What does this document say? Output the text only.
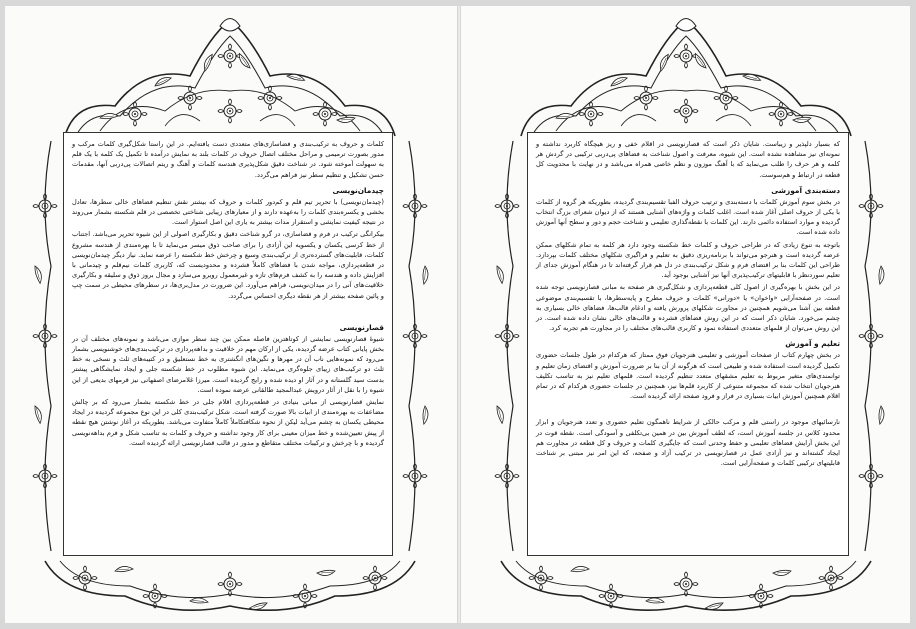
کلمات و حروف به ترکیب‌بندی و فضاسازی‌های متعددی دست یافته‌ایم. در این راستا شکل‌گیری کلمات مرکب و مدور بصورت ترمیمی و مراحل مختلف اتصال حروف در کلمات بلند به نمایش درآمده تا تکمیل یک کلمه با یک قلم به سهولت آموخته شود. در شناخت دقیق شکل‌پذیری هندسه کلمات و آهنگ و ریتم اتصالات پی‌دربی آنها، مقدمات حسن تشکیل و تنظیم سطر نیز فراهم می‌گردد.

چیدمان‌نویسی

(چیدمان‌نویسی) با تحریر تیم قلم و کم‌دور کلمات و حروف که بیشتر نقش تنظیم فضاهای خالی سطرها، تعادل بخشی و یکسره‌بندی کلمات را به‌عهده دارند و از معیارهای زیبایی شناختی تخصصی در قلم شکسته بشمار می‌روند در نتیجه کیفیت نمایشی و استقرار مدات بیشتر به یاری این اصل استوار است.

بیکرانگی ترکیب در فرم و فضاسازی، در گرو شناخت دقیق و بکارگیری اصولی از این شیوه تحریر می‌باشد. اجتناب از خط کرسی یکسان و یکسویه این آزادی را برای صاحب ذوق میسر می‌نماید تا با بهره‌مندی از هندسه مشروع کلمات، قابلیت‌های گسترده‌تری از ترکیب‌بندی وسیع و چرخش خط شکسته را عرضه نماید. نیاز دیگر چیدمان‌نویسی در قطعه‌پردازی، مواجه شدن با فضاهای کاملاً فشرده و محدودیست که، کاربری کلمات نیم‌قلم و چیدمانی با افزایش داده و هندسه را به کشف فرم‌های تازه و غیرمعمول رویرو می‌سازد و مجال بروز ذوق و سلیقه و بکارگیری خلاقیت‌های آنی را در میدان‌نویسی، فراهم می‌آورد. این ضرورت در مدل‌بری‌ها، در سطرهای محیطی در سمت چپ و پائین صفحه بیشتر از هر نقطه دیگری احساس می‌گردد.

قصارنویسی

شیوۀ قصارنویسی نمایشی از کوتاهترین فاصله ممکن بین چند سطر موازی می‌باشد و نمونه‌های مختلف آن در بخش پایانی کتاب عرضه گردیده، یکی از ارکان مهم در خلاقیت و بداهه‌پردازی در ترکیب‌بندی‌های خوشنویسی بشمار می‌رود که نمونه‌هایی ناب آن در مهرها و نگین‌های انگشتری به خط نستعلیق و در کتیبه‌های ثلث و نسخی به خط ثلث دو ترکیب‌های زیبای جلوه‌گری می‌نماید. این شیوه مطلوب در خط شکسته جلی و ایجاد نمایشگاهی پیشتر بدست سید گلستانه و در آثار او دیده شده و رایج گردیده است. میرزا غلامرضای اصفهانی نیز قرمهای بدیعی از این شیوه را با نقل از آثار درویش عبدالمجید طالقانی عرضه نموده است.

نمایش قصارنویسی از مبانی بنیادی در قطعه‌پردازی اقلام جلی در خط شکسته بشمار می‌رود که بر چالش مضاعفات به بهره‌مندی از ابیات بالا صورت گرفته است. شکل ترکیب‌بندی کلی در این نوع مجموعه گردیده در ایجاد محیطی یکسان به چشم می‌آید لیکن از نحوه شکافتکاملاً کاملاً متفاوت می‌باشد. بطوریکه در آغاز نوشتن هیچ نقطه از پیش تعیین‌شده و خط میزان معینی برای کار وجود نداشته و حروف و کلمات به تناسب شکل و فرم بداهه‌نویسی گردیده و با چرخش و ترکیبات مختلف متقاطع و مدور در قالب قصارنویسی ارائه گردیده است.

که بسیار دلپذیر و زیباست. شایان ذکر است که قصارنویسی در اقلام خفی و ریز هیچگاه کاربرد نداشته و نمونه‌ای نیز مشاهده نشده است. این شیوه، معرفت و اصول شناخت به فضاهای پی‌دربی ترکیبی در گردش هر کلمه و هر حرف را طلب می‌نماید که با آهنگ موزون و نظم خاصی همراه می‌باشد و در نهایت با محدویت کل قطعه در ارتباط و هم‌سوست.

دسته‌بندی آموزشی

در بخش سوم آموزش کلمات با دسته‌بندی و ترتیب حروف الفبا تقسیم‌بندی گردیده، بطوریکه هر گروه از کلمات با یکی از حروف اصلی آغاز شده است. اغلب کلمات و واژه‌های آشنایی هستند که از دیوان شعرای بزرگ انتخاب گردیده و موارد استفاده دائمی دارند. این کلمات با نقطه‌گذاری تعلیمی و شناخت حجم و دور و سطح آنها آموزش داده شده است.

باتوجه به تنوع زیادی که در طراحی حروف و کلمات خط شکسته وجود دارد هر کلمه به تمام شکلهای ممکن عرضه گردیده است و هنرجو می‌تواند با برنامه‌ریزی دقیق به تعلیم و فراگیری شکلهای مختلف کلمات بپردازد. طراحی این کلمات بنا بر اقتضای فرم و شکل ترکیب‌بندی در دل هم قرار گرفته‌اند تا در هنگام آموزش جدای از تعلیم سوردنظر با قابلیتهای ترکیب‌پذیری آنها نیز آشنایی بوجود آید.

در این بخش با بهره‌گیری از اصول کلی قطعه‌پردازی و شکل‌گیری هر صفحه به مبانی قصارنویسی توجه شده است. در صفحه‌آرایی «واخوان» یا «دورانی» کلمات و حروف مطرح و پایه‌سطرها، با تقسیم‌بندی موضوعی قطعه بین آشنا می‌شویم همچنین در مجاورت شکلهای پرورش یافته و ادغام قالب‌ها، فضاهای خالی بسیاری به چشم می‌خورد. شایان ذکر است که در این روش فضاهای فشرده و قالب‌های خالی نشان داده شده است. در این روش می‌توان از قلمهای متعددی استفاده نمود و کاربری قالب‌های مختلف را در مجاورت هم تجربه کرد.

تعلیم و آموزش

در بخش چهارم کتاب از صفحات آموزشی و تعلیمی هنرجویان فوق ممتاز که هرکدام در طول جلسات حضوری تکمیل گردیده است استفاده شده و طبیعی است که هرگونه از آن بنا بر ضرورت آموزش و اقتضای زمان تعلیم و توانمندی‌های متغیر مربوط به تعلیم مشقهای متعدد تنظیم گردیده است. قلمهای تعلیم نیز به تناسب تکلیف هنرجویان انتخاب شده که مجموعه متنوعی از کاربرد قلم‌ها نیز، همچنین در جلسات حضوری هرکدام که در تمام اقلام همچنین آموزش ابیات بسیاری در فراز و فرود صفحه ارائه گردیده است.

نارسائیهای موجود در راستی قلم و مرکب حالکی از شرایط ناهمگون تعلیم حضوری و تعدد هنرجویان و ابزار محدود کلاس در جلسه آموزش است، که لطف آموزش بین در همین بی‌تکلفی و آسودگی است. نقطه قوت در این بخش آرایش فضاهای تعلیمی و حفظ وحدتی است که جایگیری کلمات و حروف و کل قطعه در مجاورت هم ایجاد گشته‌اند و نیز آزادی عمل در قصارنویسی در ترکیب آزاد و صفحه، که این امر نیز مبتنی بر شناخت قابلیتهای ترکیبی کلمات و صفحه‌آرایی است.
